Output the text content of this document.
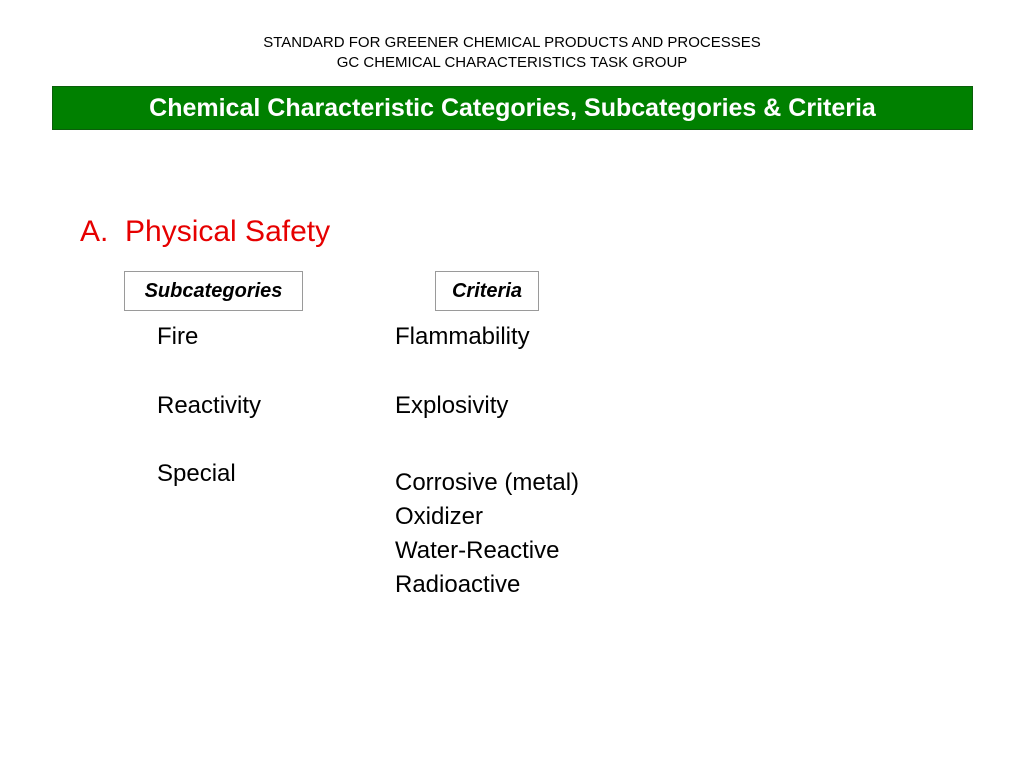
STANDARD FOR GREENER CHEMICAL PRODUCTS AND PROCESSES
GC CHEMICAL CHARACTERISTICS TASK GROUP
Chemical Characteristic Categories, Subcategories & Criteria
A.  Physical Safety
Subcategories	Criteria
Fire
Reactivity
Special
Flammability
Explosivity
Corrosive (metal)
Oxidizer
Water-Reactive
Radioactive
